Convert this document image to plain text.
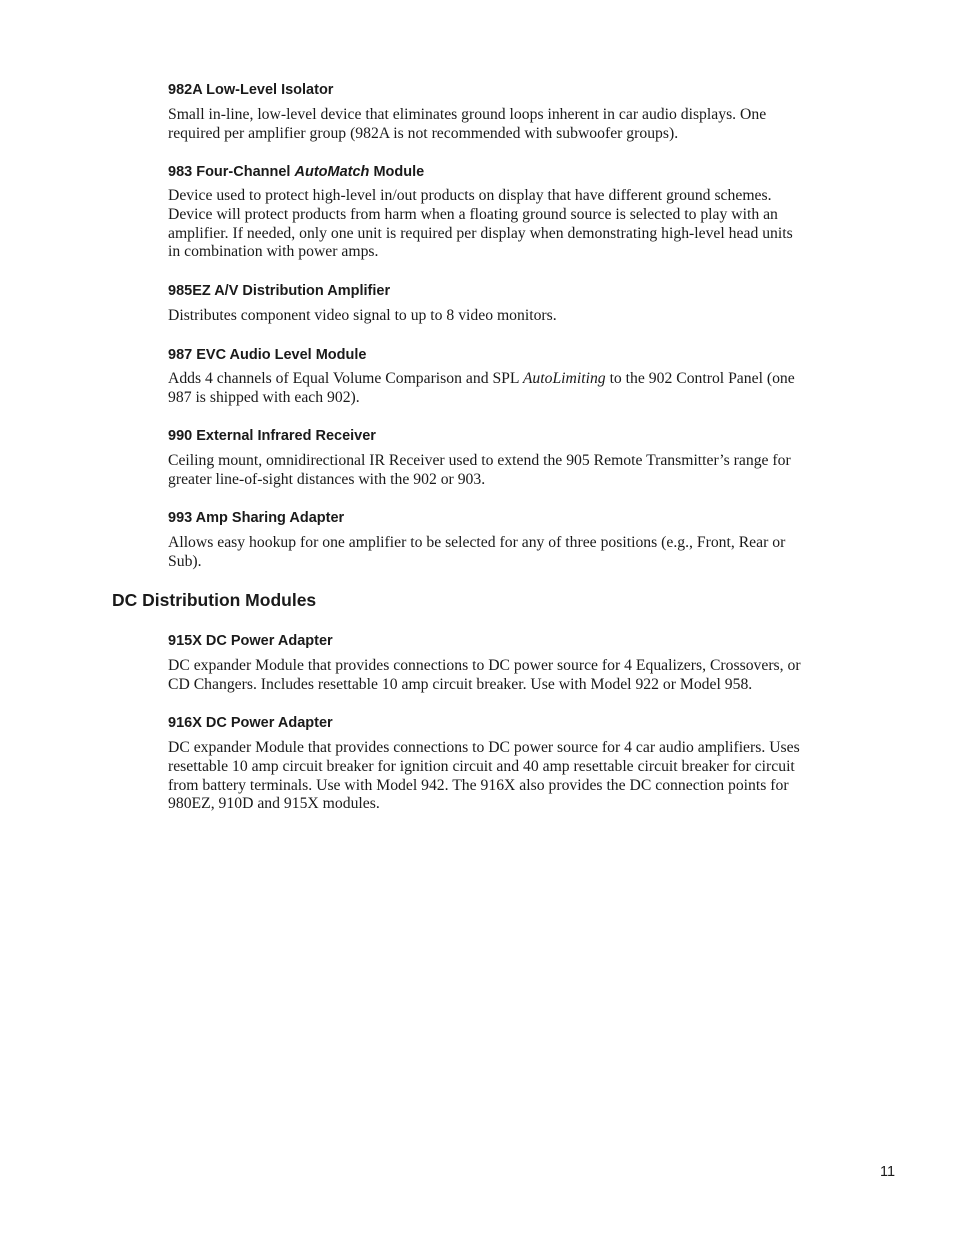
982A Low-Level Isolator

Small in-line, low-level device that eliminates ground loops inherent in car audio displays. One
required per amplifier group (982A is not recommended with subwoofer groups).

983 Four-Channel AutoMatch Module

Device used to protect high-level in/out products on display that have different ground schemes.
Device will protect products from harm when a floating ground source is selected to play with an
amplifier. If needed, only one unit is required per display when demonstrating high-level head units
in combination with power amps.

985EZ A/V Distribution Amplifier

Distributes component video signal to up to 8 video monitors.

987 EVC Audio Level Module

Adds 4 channels of Equal Volume Comparison and SPL AutoLimiting to the 902 Control Panel (one
987 is shipped with each 902).

990 External Infrared Receiver

Ceiling mount, omnidirectional IR Receiver used to extend the 905 Remote Transmitter’s range for
greater line-of-sight distances with the 902 or 903.

993 Amp Sharing Adapter

Allows easy hookup for one amplifier to be selected for any of three positions (e.g., Front, Rear or
Sub).

DC Distribution Modules
915X DC Power Adapter

DC expander Module that provides connections to DC power source for 4 Equalizers, Crossovers, or
CD Changers. Includes resettable 10 amp circuit breaker. Use with Model 922 or Model 958.

916X DC Power Adapter

DC expander Module that provides connections to DC power source for 4 car audio amplifiers. Uses
resettable 10 amp circuit breaker for ignition circuit and 40 amp resettable circuit breaker for circuit
from battery terminals. Use with Model 942. The 916X also provides the DC connection points for
980EZ, 910D and 915X modules.

11
